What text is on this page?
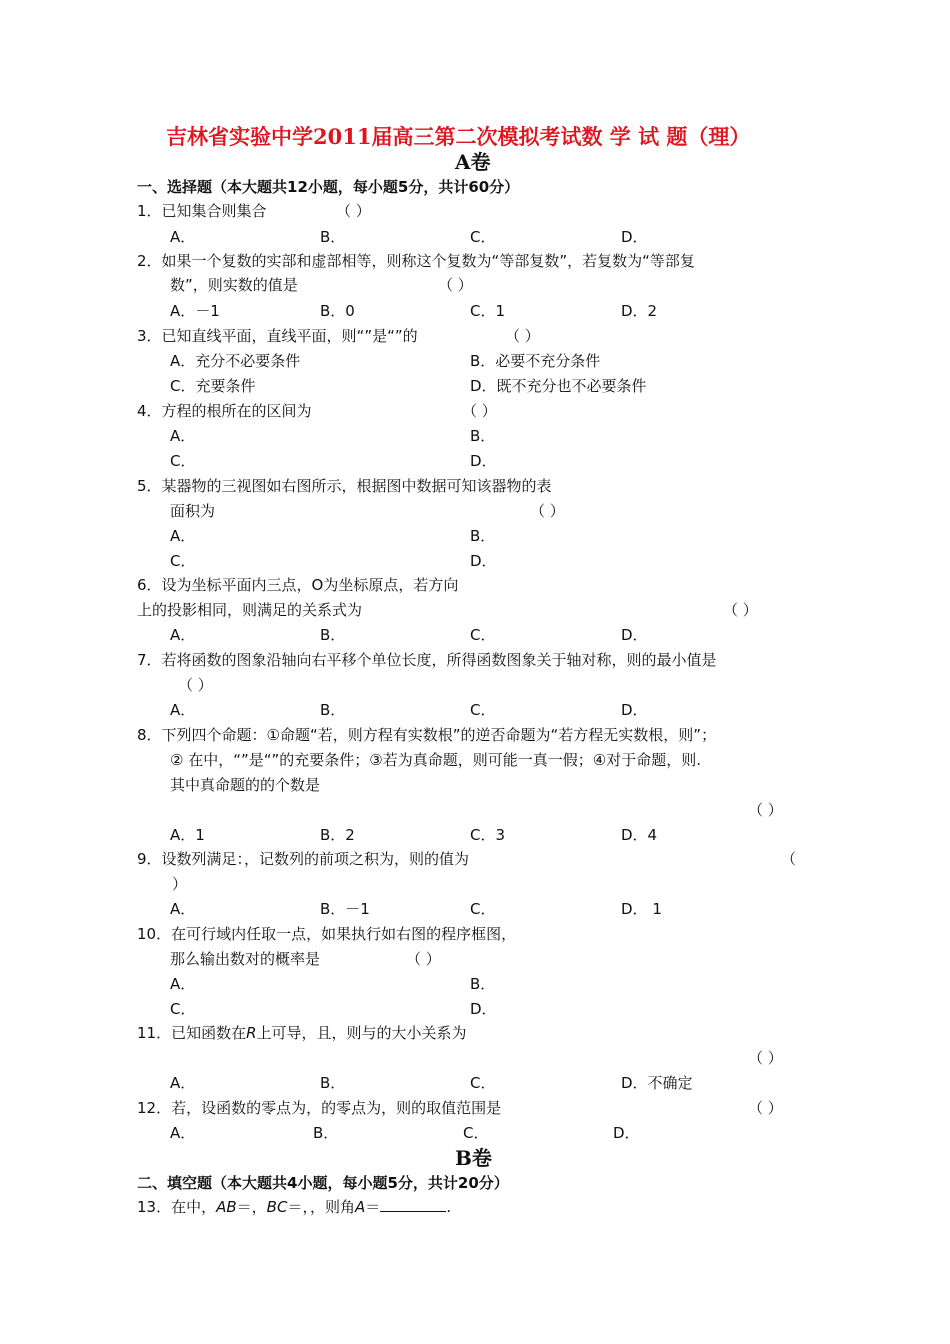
吉林省实验中学2011届高三第二次模拟考试数 学 试 题（理）
A卷
一、选择题（本大题共12小题，每小题5分，共计60分）
1．已知集合则集合	（ ）
A．	B．	C．	D．
2．如果一个复数的实部和虚部相等，则称这个复数为“等部复数”，若复数为“等部复
数”，则实数的值是	（ ）
A．－1	B．0	C．1	D．2
3．已知直线平面，直线平面，则“”是“”的	（ ）
A．充分不必要条件	B．必要不充分条件
C．充要条件	D．既不充分也不必要条件
4．方程的根所在的区间为	（ ）
A．	B．
C．	D．
5．某器物的三视图如右图所示，根据图中数据可知该器物的表
面积为	（ ）
A．	B．
C．	D．
6．设为坐标平面内三点，O为坐标原点，若方向
上的投影相同，则满足的关系式为	（ ）
A．	B．	C．	D．
7．若将函数的图象沿轴向右平移个单位长度，所得函数图象关于轴对称，则的最小值是
（ ）
A．	B．	C．	D．
8．下列四个命题：①命题“若，则方程有实数根”的逆否命题为“若方程无实数根，则”；
② 在中，“”是“”的充要条件；③若为真命题，则可能一真一假；④对于命题，则.
其中真命题的的个数是
（ ）
A．1	B．2	C．3	D．4
9．设数列满足：，记数列的前项之积为，则的值为	（
）
A．	B．－1	C．	D． 1
10．在可行域内任取一点，如果执行如右图的程序框图，
那么输出数对的概率是	（ ）
A．	B．
C．	D．
11．已知函数在R上可导，且，则与的大小关系为
（ ）
A．	B．	C．	D．不确定
12．若，设函数的零点为，的零点为，则的取值范围是	（ ）
A．	B．	C．	D．
B卷
二、填空题（本大题共4小题，每小题5分，共计20分）
13．在中，AB＝，BC＝，，则角A＝	.
